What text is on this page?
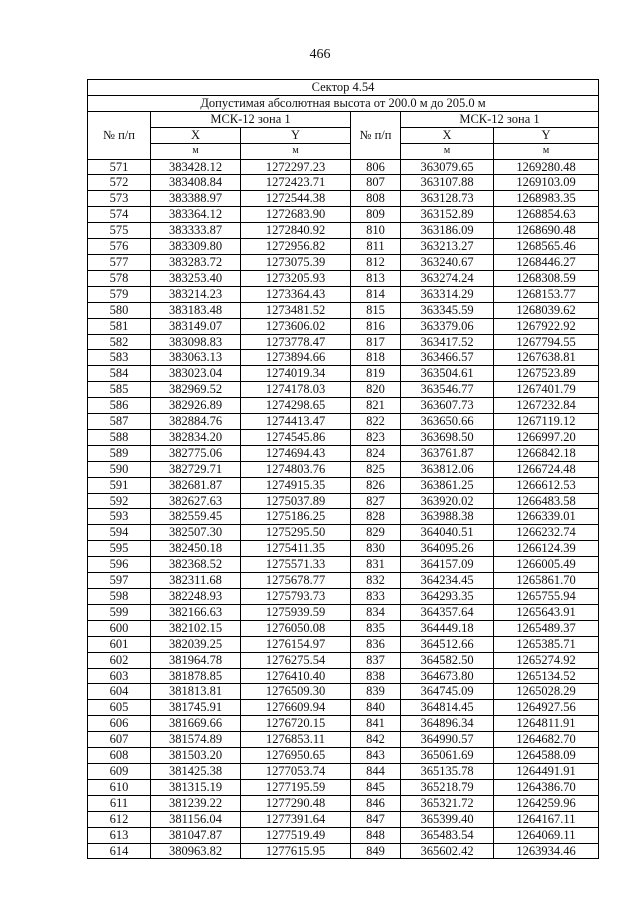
466
Сектор 4.54					
Допустимая абсолютная высота от 200.0 м до 205.0 м					
№ п/п	МСК-12 зона 1		№ п/п	МСК-12 зона 1	
	X	Y		X	Y
	м	м		м	м
571	383428.12	1272297.23	806	363079.65	1269280.48
572	383408.84	1272423.71	807	363107.88	1269103.09
573	383388.97	1272544.38	808	363128.73	1268983.35
574	383364.12	1272683.90	809	363152.89	1268854.63
575	383333.87	1272840.92	810	363186.09	1268690.48
576	383309.80	1272956.82	811	363213.27	1268565.46
577	383283.72	1273075.39	812	363240.67	1268446.27
578	383253.40	1273205.93	813	363274.24	1268308.59
579	383214.23	1273364.43	814	363314.29	1268153.77
580	383183.48	1273481.52	815	363345.59	1268039.62
581	383149.07	1273606.02	816	363379.06	1267922.92
582	383098.83	1273778.47	817	363417.52	1267794.55
583	383063.13	1273894.66	818	363466.57	1267638.81
584	383023.04	1274019.34	819	363504.61	1267523.89
585	382969.52	1274178.03	820	363546.77	1267401.79
586	382926.89	1274298.65	821	363607.73	1267232.84
587	382884.76	1274413.47	822	363650.66	1267119.12
588	382834.20	1274545.86	823	363698.50	1266997.20
589	382775.06	1274694.43	824	363761.87	1266842.18
590	382729.71	1274803.76	825	363812.06	1266724.48
591	382681.87	1274915.35	826	363861.25	1266612.53
592	382627.63	1275037.89	827	363920.02	1266483.58
593	382559.45	1275186.25	828	363988.38	1266339.01
594	382507.30	1275295.50	829	364040.51	1266232.74
595	382450.18	1275411.35	830	364095.26	1266124.39
596	382368.52	1275571.33	831	364157.09	1266005.49
597	382311.68	1275678.77	832	364234.45	1265861.70
598	382248.93	1275793.73	833	364293.35	1265755.94
599	382166.63	1275939.59	834	364357.64	1265643.91
600	382102.15	1276050.08	835	364449.18	1265489.37
601	382039.25	1276154.97	836	364512.66	1265385.71
602	381964.78	1276275.54	837	364582.50	1265274.92
603	381878.85	1276410.40	838	364673.80	1265134.52
604	381813.81	1276509.30	839	364745.09	1265028.29
605	381745.91	1276609.94	840	364814.45	1264927.56
606	381669.66	1276720.15	841	364896.34	1264811.91
607	381574.89	1276853.11	842	364990.57	1264682.70
608	381503.20	1276950.65	843	365061.69	1264588.09
609	381425.38	1277053.74	844	365135.78	1264491.91
610	381315.19	1277195.59	845	365218.79	1264386.70
611	381239.22	1277290.48	846	365321.72	1264259.96
612	381156.04	1277391.64	847	365399.40	1264167.11
613	381047.87	1277519.49	848	365483.54	1264069.11
614	380963.82	1277615.95	849	365602.42	1263934.46
